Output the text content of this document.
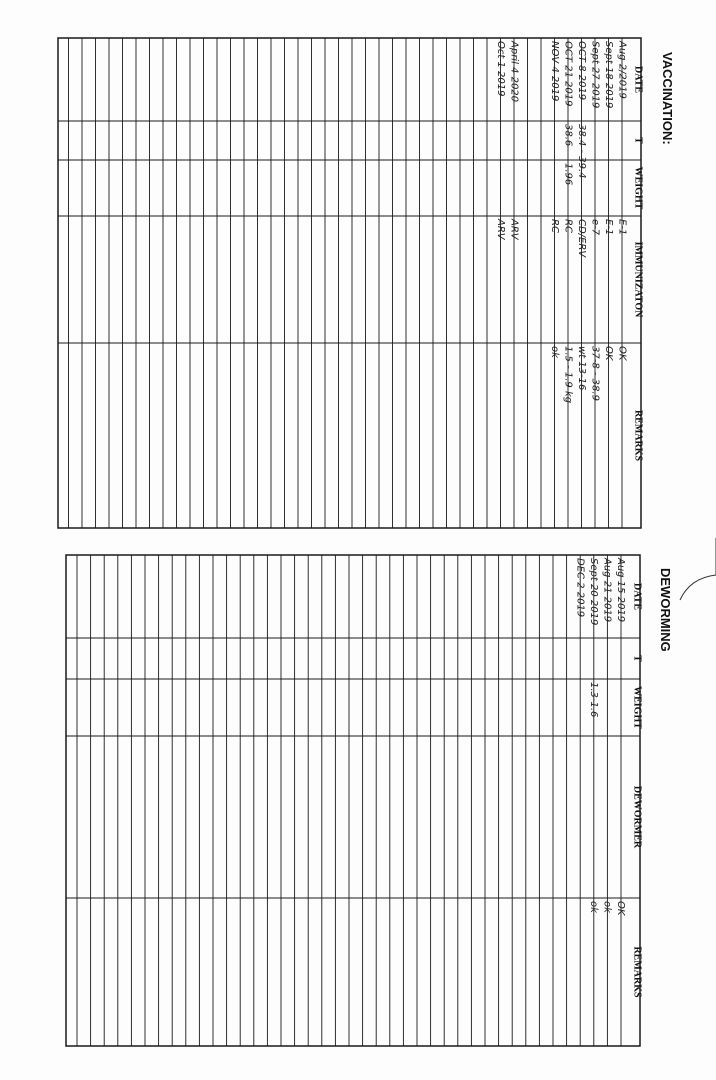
VACCINATION:
DATE
T
WEIGHT
IMMUNIZATON
REMARKS
Aug 2/2019
E-1
OK
Sept 18 2019
E-1
OK
Sept 27 2019
e-7
37-8 - 38.9
OCT 8 2019
38.4 - 39.4
CD/ERV
wt 13-16
OCT 21 2019
38.6
1.96
RC
1.5 - 1.9 kg
NOV 4 2019
RC
ok
April 4 2020
ARV
Oct 1 2019
ARV
DEWORMING
DATE
T
WEIGHT
DEWORMER
REMARKS
Aug 15 2019
OK
Aug 21 2019
ok
Sept 20 2019
1.3-1.6
ok
DEC 2 2019
